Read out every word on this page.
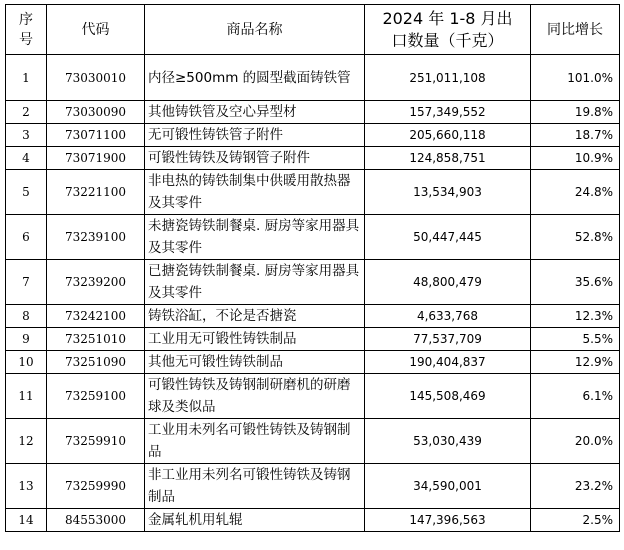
序号	代码	商品名称	2024 年 1-8 月出口数量（千克）	同比增长
1	73030010	内径≥500mm 的圆型截面铸铁管	251,011,108	101.0%
2	73030090	其他铸铁管及空心异型材	157,349,552	19.8%
3	73071100	无可锻性铸铁管子附件	205,660,118	18.7%
4	73071900	可锻性铸铁及铸钢管子附件	124,858,751	10.9%
5	73221100	非电热的铸铁制集中供暖用散热器及其零件	13,534,903	24.8%
6	73239100	未搪瓷铸铁制餐桌. 厨房等家用器具及其零件	50,447,445	52.8%
7	73239200	已搪瓷铸铁制餐桌. 厨房等家用器具及其零件	48,800,479	35.6%
8	73242100	铸铁浴缸，不论是否搪瓷	4,633,768	12.3%
9	73251010	工业用无可锻性铸铁制品	77,537,709	5.5%
10	73251090	其他无可锻性铸铁制品	190,404,837	12.9%
11	73259100	可锻性铸铁及铸钢制研磨机的研磨球及类似品	145,508,469	6.1%
12	73259910	工业用未列名可锻性铸铁及铸钢制品	53,030,439	20.0%
13	73259990	非工业用未列名可锻性铸铁及铸钢制品	34,590,001	23.2%
14	84553000	金属轧机用轧辊	147,396,563	2.5%
